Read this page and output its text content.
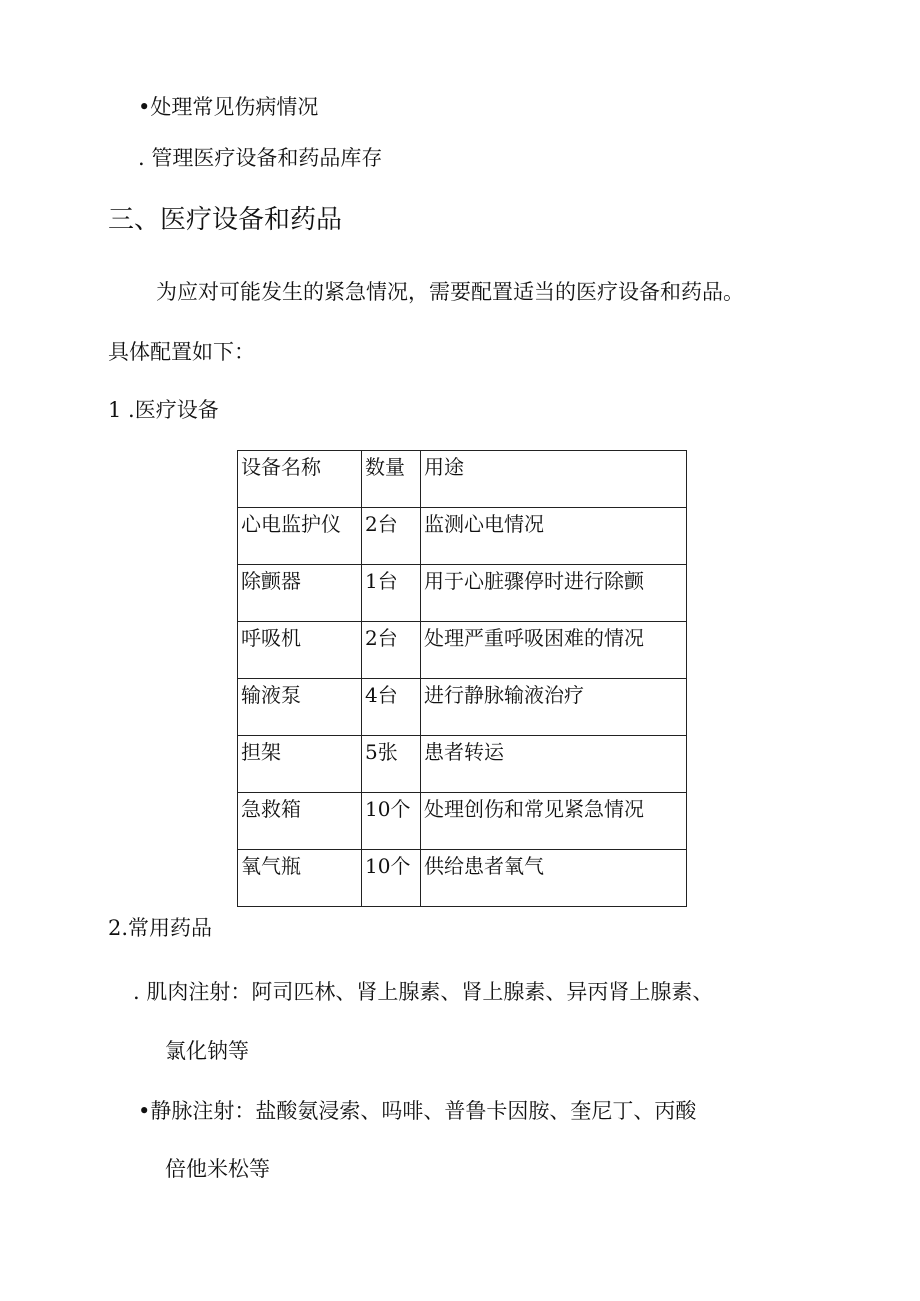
•处理常见伤病情况
. 管理医疗设备和药品库存
三、医疗设备和药品
为应对可能发生的紧急情况，需要配置适当的医疗设备和药品。
具体配置如下：
1 .医疗设备
设备名称	数量	用途
心电监护仪	2台	监测心电情况
除颤器	1台	用于心脏骤停时进行除颤
呼吸机	2台	处理严重呼吸困难的情况
输液泵	4台	进行静脉输液治疗
担架	5张	患者转运
急救箱	10个	处理创伤和常见紧急情况
氧气瓶	10个	供给患者氧气
2.常用药品
. 肌肉注射：阿司匹林、肾上腺素、肾上腺素、异丙肾上腺素、
氯化钠等
•静脉注射：盐酸氨浸索、吗啡、普鲁卡因胺、奎尼丁、丙酸
倍他米松等
